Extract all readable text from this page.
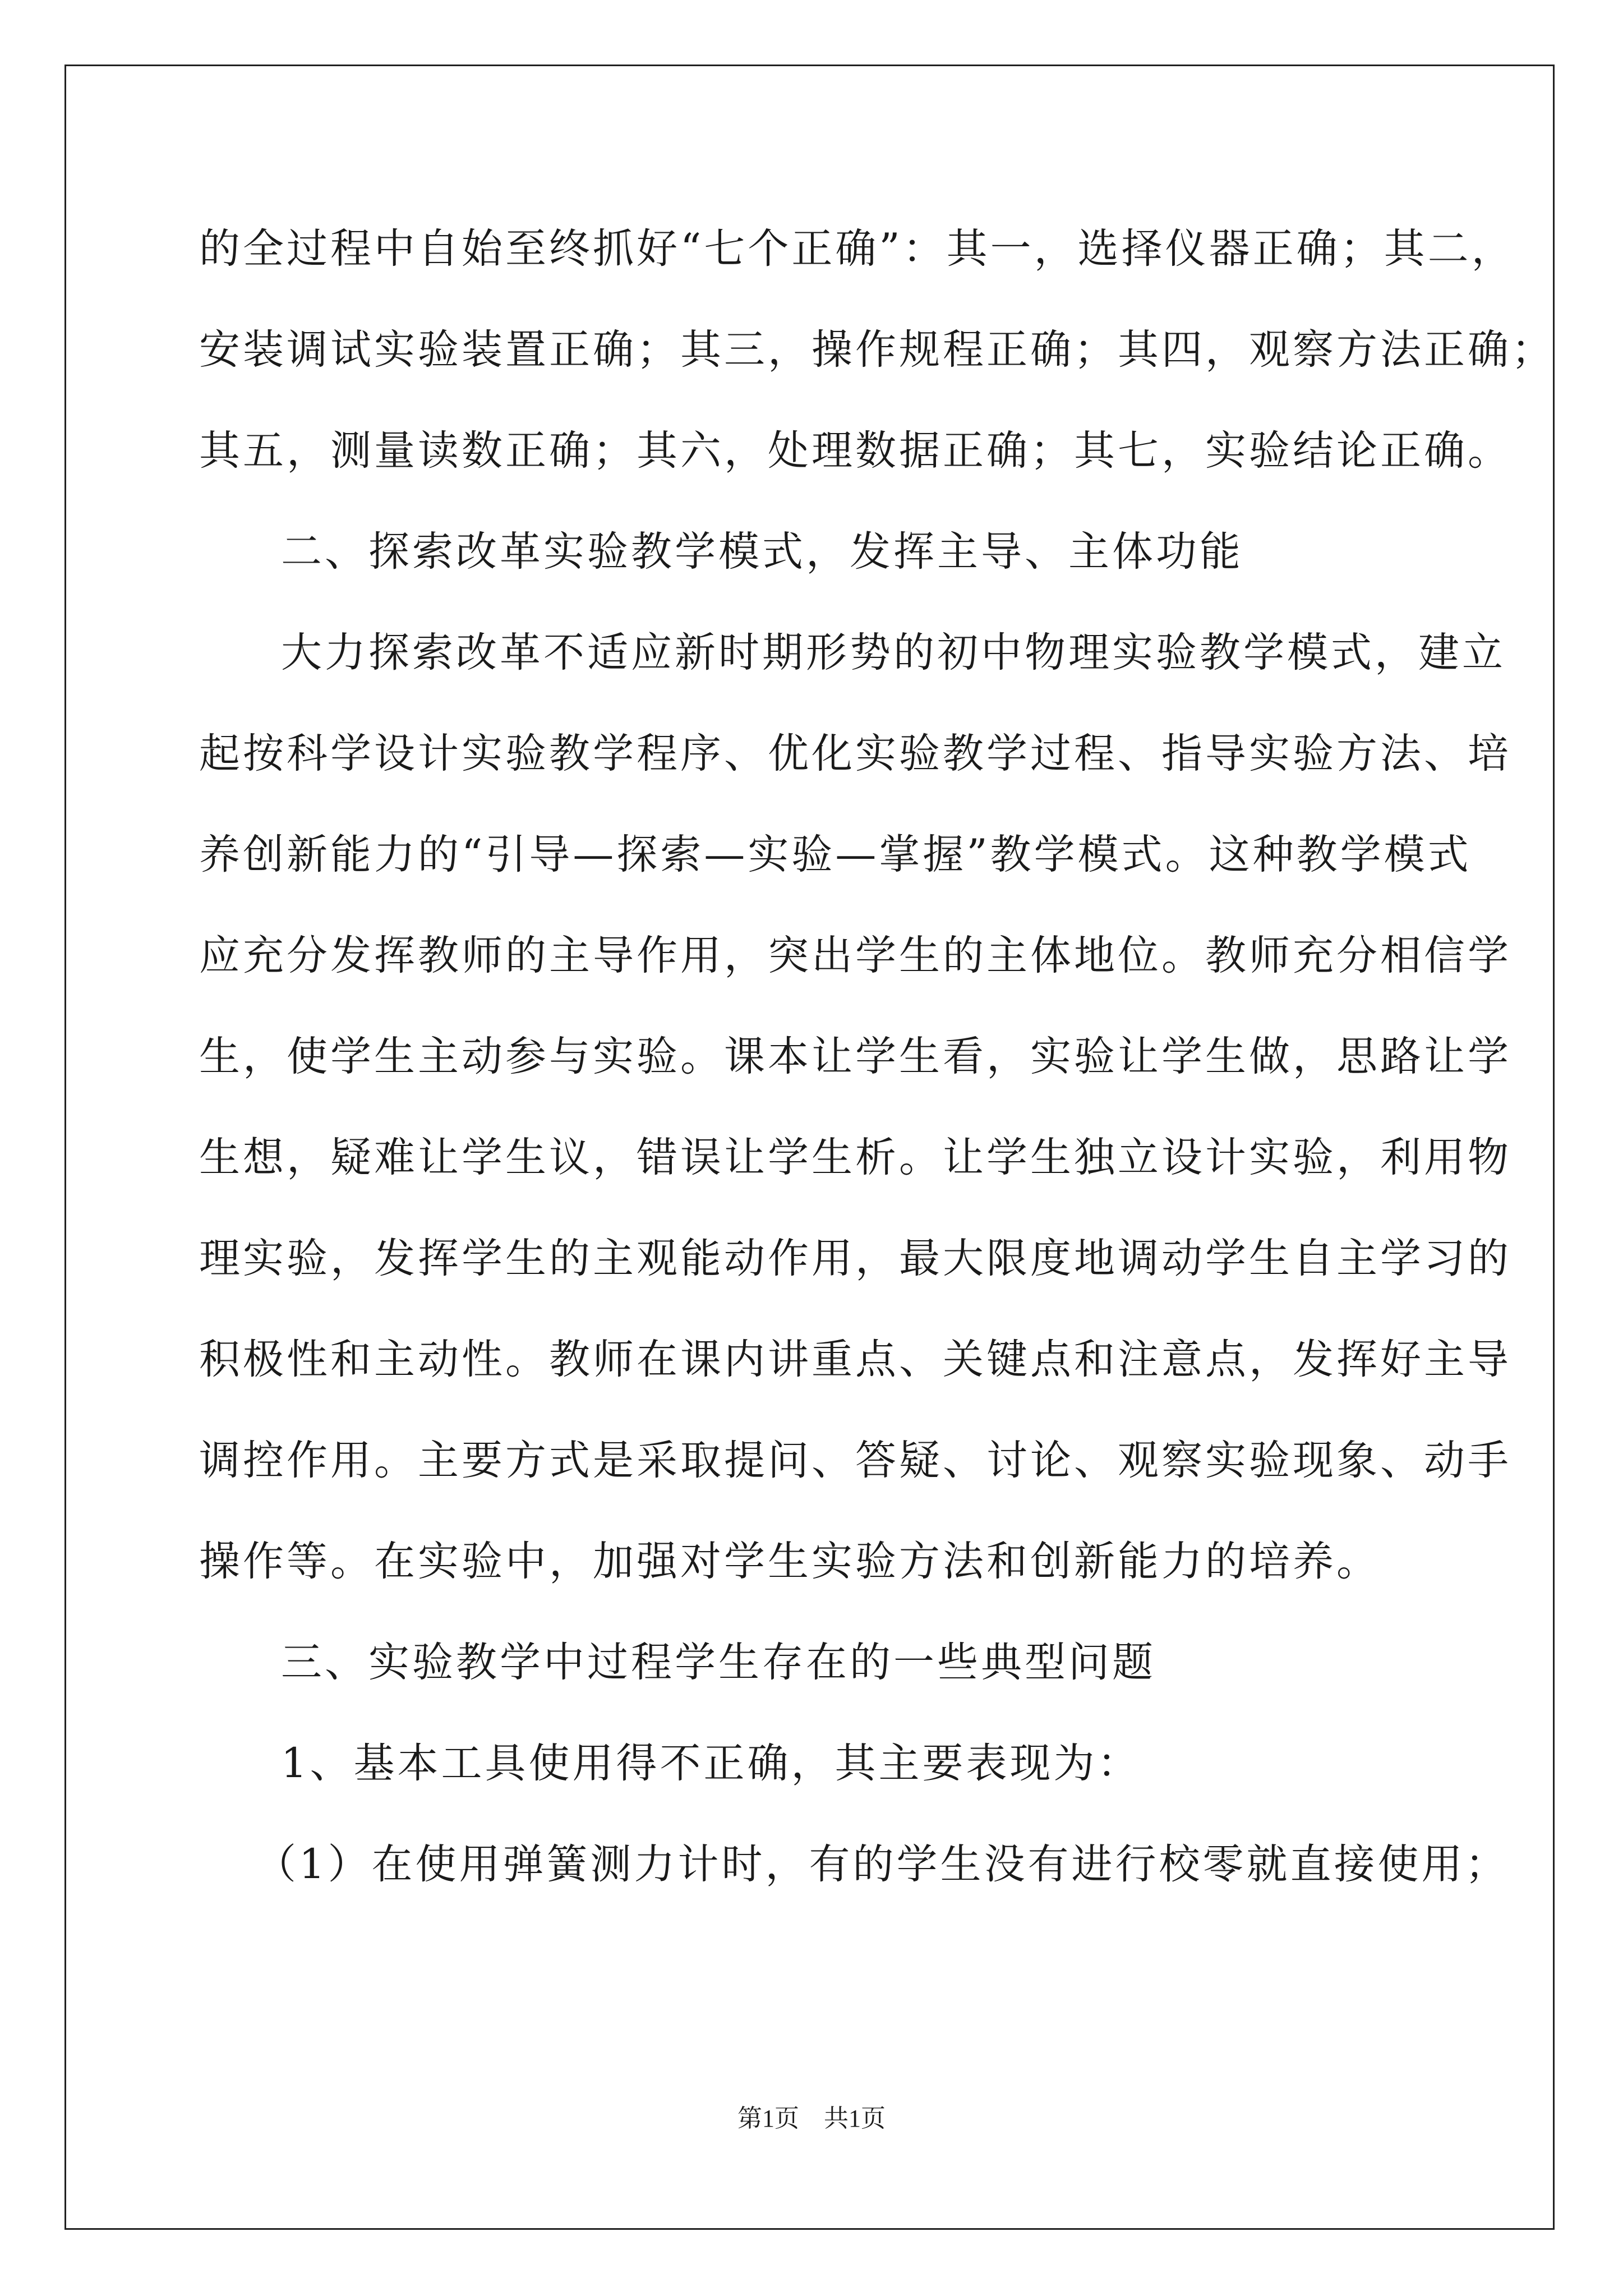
的全过程中自始至终抓好“七个正确”：其一，选择仪器正确；其二，
安装调试实验装置正确；其三，操作规程正确；其四，观察方法正确；
其五，测量读数正确；其六，处理数据正确；其七，实验结论正确。
二、探索改革实验教学模式，发挥主导、主体功能
大力探索改革不适应新时期形势的初中物理实验教学模式，建立
起按科学设计实验教学程序、优化实验教学过程、指导实验方法、培
养创新能力的“引导—探索—实验—掌握”教学模式。这种教学模式
应充分发挥教师的主导作用，突出学生的主体地位。教师充分相信学
生，使学生主动参与实验。课本让学生看，实验让学生做，思路让学
生想，疑难让学生议，错误让学生析。让学生独立设计实验，利用物
理实验，发挥学生的主观能动作用，最大限度地调动学生自主学习的
积极性和主动性。教师在课内讲重点、关键点和注意点，发挥好主导
调控作用。主要方式是采取提问、答疑、讨论、观察实验现象、动手
操作等。在实验中，加强对学生实验方法和创新能力的培养。
三、实验教学中过程学生存在的一些典型问题
1、基本工具使用得不正确，其主要表现为：
（1）在使用弹簧测力计时，有的学生没有进行校零就直接使用；
第1页　共1页
